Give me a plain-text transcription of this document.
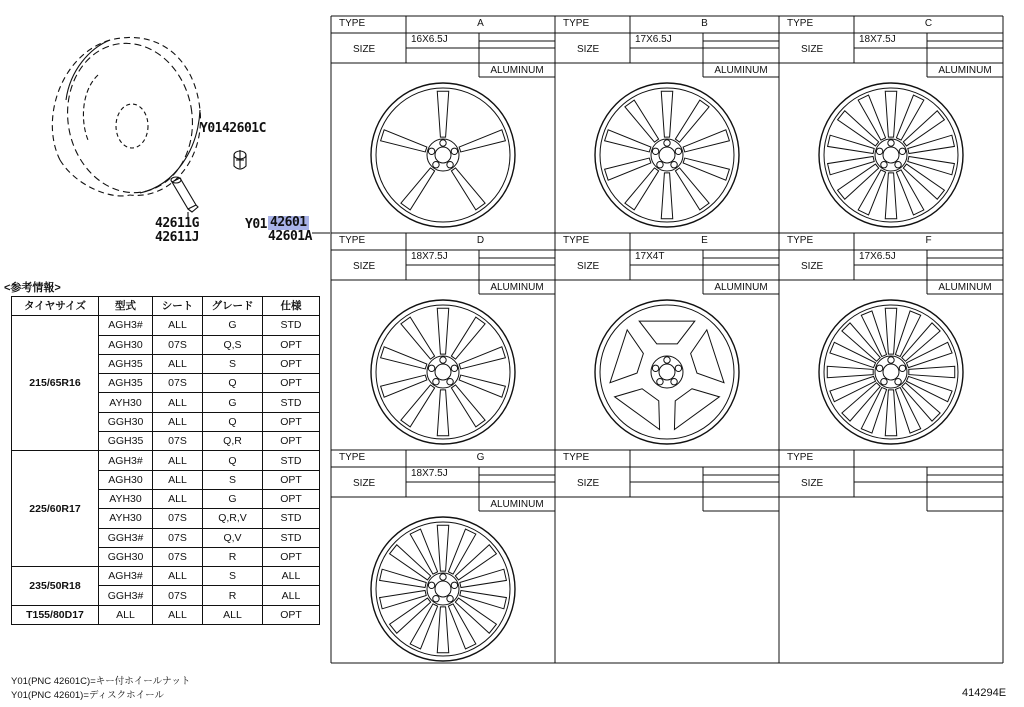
Y0142601C
42611G
42611J
Y01 42601
42601A
TYPE
SIZE
A
16X6.5J
ALUMINUM
TYPE
SIZE
B
17X6.5J
ALUMINUM
TYPE
SIZE
C
18X7.5J
ALUMINUM
TYPE
SIZE
D
18X7.5J
ALUMINUM
TYPE
SIZE
E
17X4T
ALUMINUM
TYPE
SIZE
F
17X6.5J
ALUMINUM
TYPE
SIZE
G
18X7.5J
ALUMINUM
TYPE
SIZE
TYPE
SIZE
<参考情報>
タイヤサイズ	型式	シート	グレード	仕様
215/65R16	AGH3#	ALL	G	STD
	AGH30	07S	Q,S	OPT
	AGH35	ALL	S	OPT
	AGH35	07S	Q	OPT
	AYH30	ALL	G	STD
	GGH30	ALL	Q	OPT
	GGH35	07S	Q,R	OPT
225/60R17	AGH3#	ALL	Q	STD
	AGH30	ALL	S	OPT
	AYH30	ALL	G	OPT
	AYH30	07S	Q,R,V	STD
	GGH3#	07S	Q,V	STD
	GGH30	07S	R	OPT
235/50R18	AGH3#	ALL	S	ALL
	GGH3#	07S	R	ALL
T155/80D17	ALL	ALL	ALL	OPT
Y01(PNC 42601C)=キー付ホイールナット
Y01(PNC 42601)=ディスクホイール	414294E
